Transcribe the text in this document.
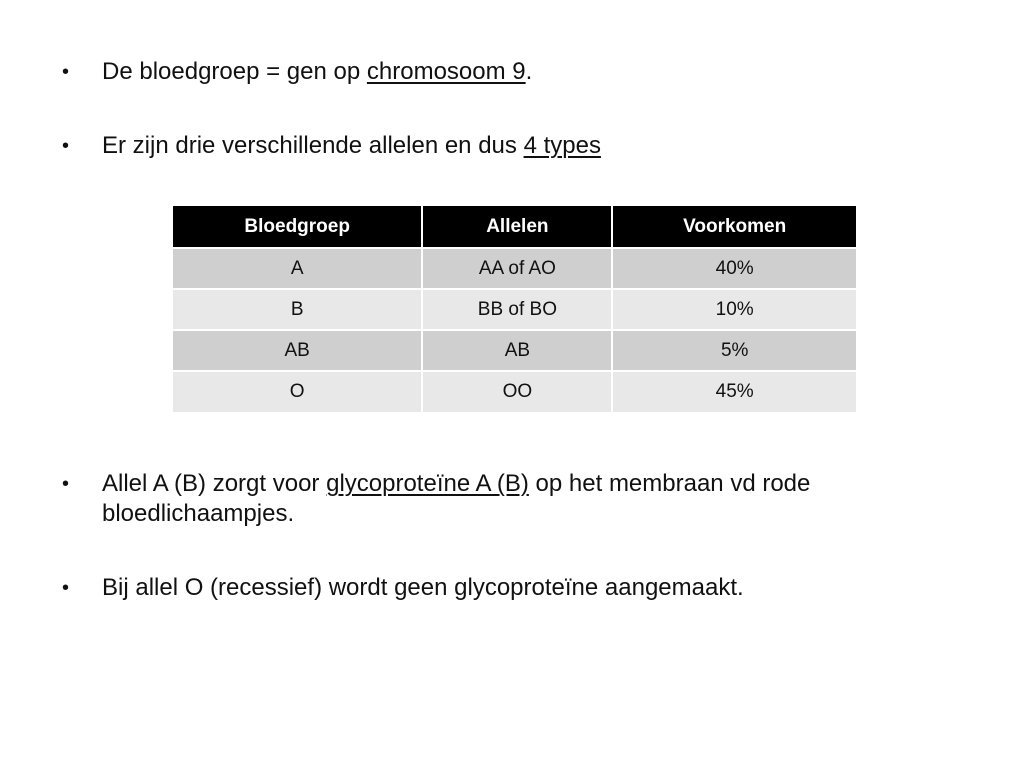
•	De bloedgroep = gen op chromosoom 9.
•	Er zijn drie verschillende allelen en dus 4 types
Bloedgroep	Allelen	Voorkomen
A	AA of AO	40%
B	BB of BO	10%
AB	AB	5%
O	OO	45%
•	Allel A (B) zorgt voor glycoproteïne A (B) op het membraan vd rode bloedlichaampjes.
•	Bij allel O (recessief) wordt geen glycoproteïne aangemaakt.
